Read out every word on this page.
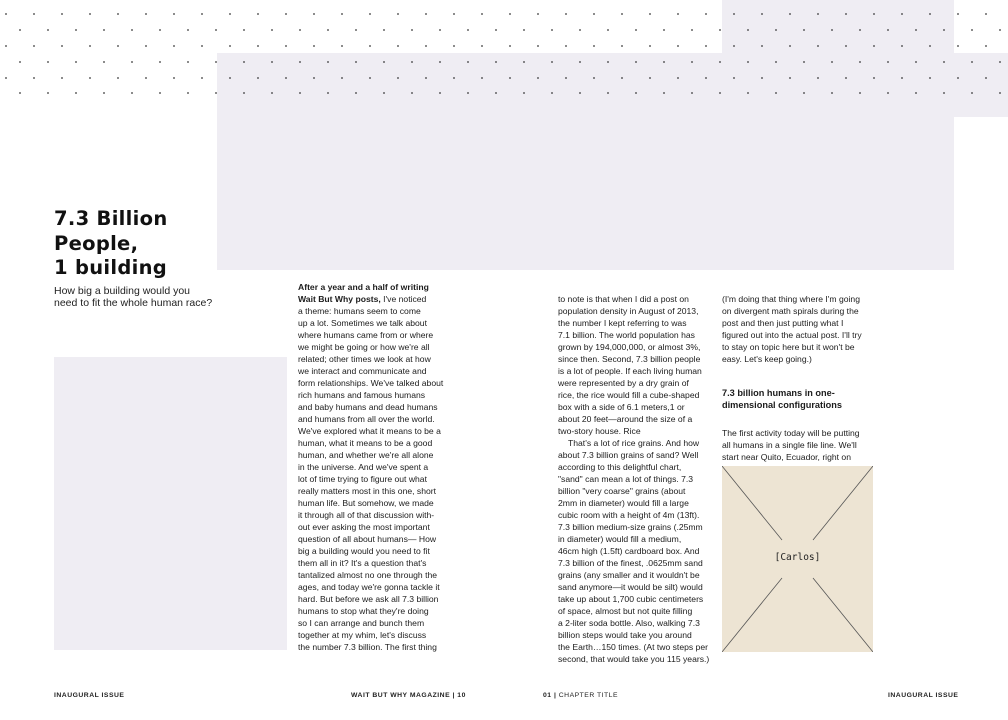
7.3 Billion
People,
1 building
How big a building would you need to fit the whole human race?
After a year and a half of writing
Wait But Why posts, I've noticed
a theme: humans seem to come
up a lot. Sometimes we talk about
where humans came from or where
we might be going or how we're all
related; other times we look at how
we interact and communicate and
form relationships. We've talked about
rich humans and famous humans
and baby humans and dead humans
and humans from all over the world.
We've explored what it means to be a
human, what it means to be a good
human, and whether we're all alone
in the universe. And we've spent a
lot of time trying to figure out what
really matters most in this one, short
human life. But somehow, we made
it through all of that discussion with-
out ever asking the most important
question of all about humans— How
big a building would you need to fit
them all in it? It's a question that's
tantalized almost no one through the
ages, and today we're gonna tackle it
hard. But before we ask all 7.3 billion
humans to stop what they're doing
so I can arrange and bunch them
together at my whim, let's discuss
the number 7.3 billion. The first thing

to note is that when I did a post on
population density in August of 2013,
the number I kept referring to was
7.1 billion. The world population has
grown by 194,000,000, or almost 3%,
since then. Second, 7.3 billion people
is a lot of people. If each living human
were represented by a dry grain of
rice, the rice would fill a cube-shaped
box with a side of 6.1 meters,1 or
about 20 feet—around the size of a
two-story house. Rice

That's a lot of rice grains. And how
about 7.3 billion grains of sand? Well
according to this delightful chart,
"sand" can mean a lot of things. 7.3
billion "very coarse" grains (about
2mm in diameter) would fill a large
cubic room with a height of 4m (13ft).
7.3 billion medium-size grains (.25mm
in diameter) would fill a medium,
46cm high (1.5ft) cardboard box. And
7.3 billion of the finest, .0625mm sand
grains (any smaller and it wouldn't be
sand anymore—it would be silt) would
take up about 1,700 cubic centimeters
of space, almost but not quite filling
a 2-liter soda bottle. Also, walking 7.3
billion steps would take you around
the Earth…150 times. (At two steps per
second, that would take you 115 years.)

(I'm doing that thing where I'm going
on divergent math spirals during the
post and then just putting what I
figured out into the actual post. I'll try
to stay on topic here but it won't be
easy. Let's keep going.)

7.3 billion humans in one-
dimensional configurations

The first activity today will be putting
all humans in a single file line. We'll
start near Quito, Ecuador, right on

[Carlos]
INAUGURAL ISSUE	WAIT BUT WHY MAGAZINE | 10	01 | CHAPTER TITLE	INAUGURAL ISSUE
